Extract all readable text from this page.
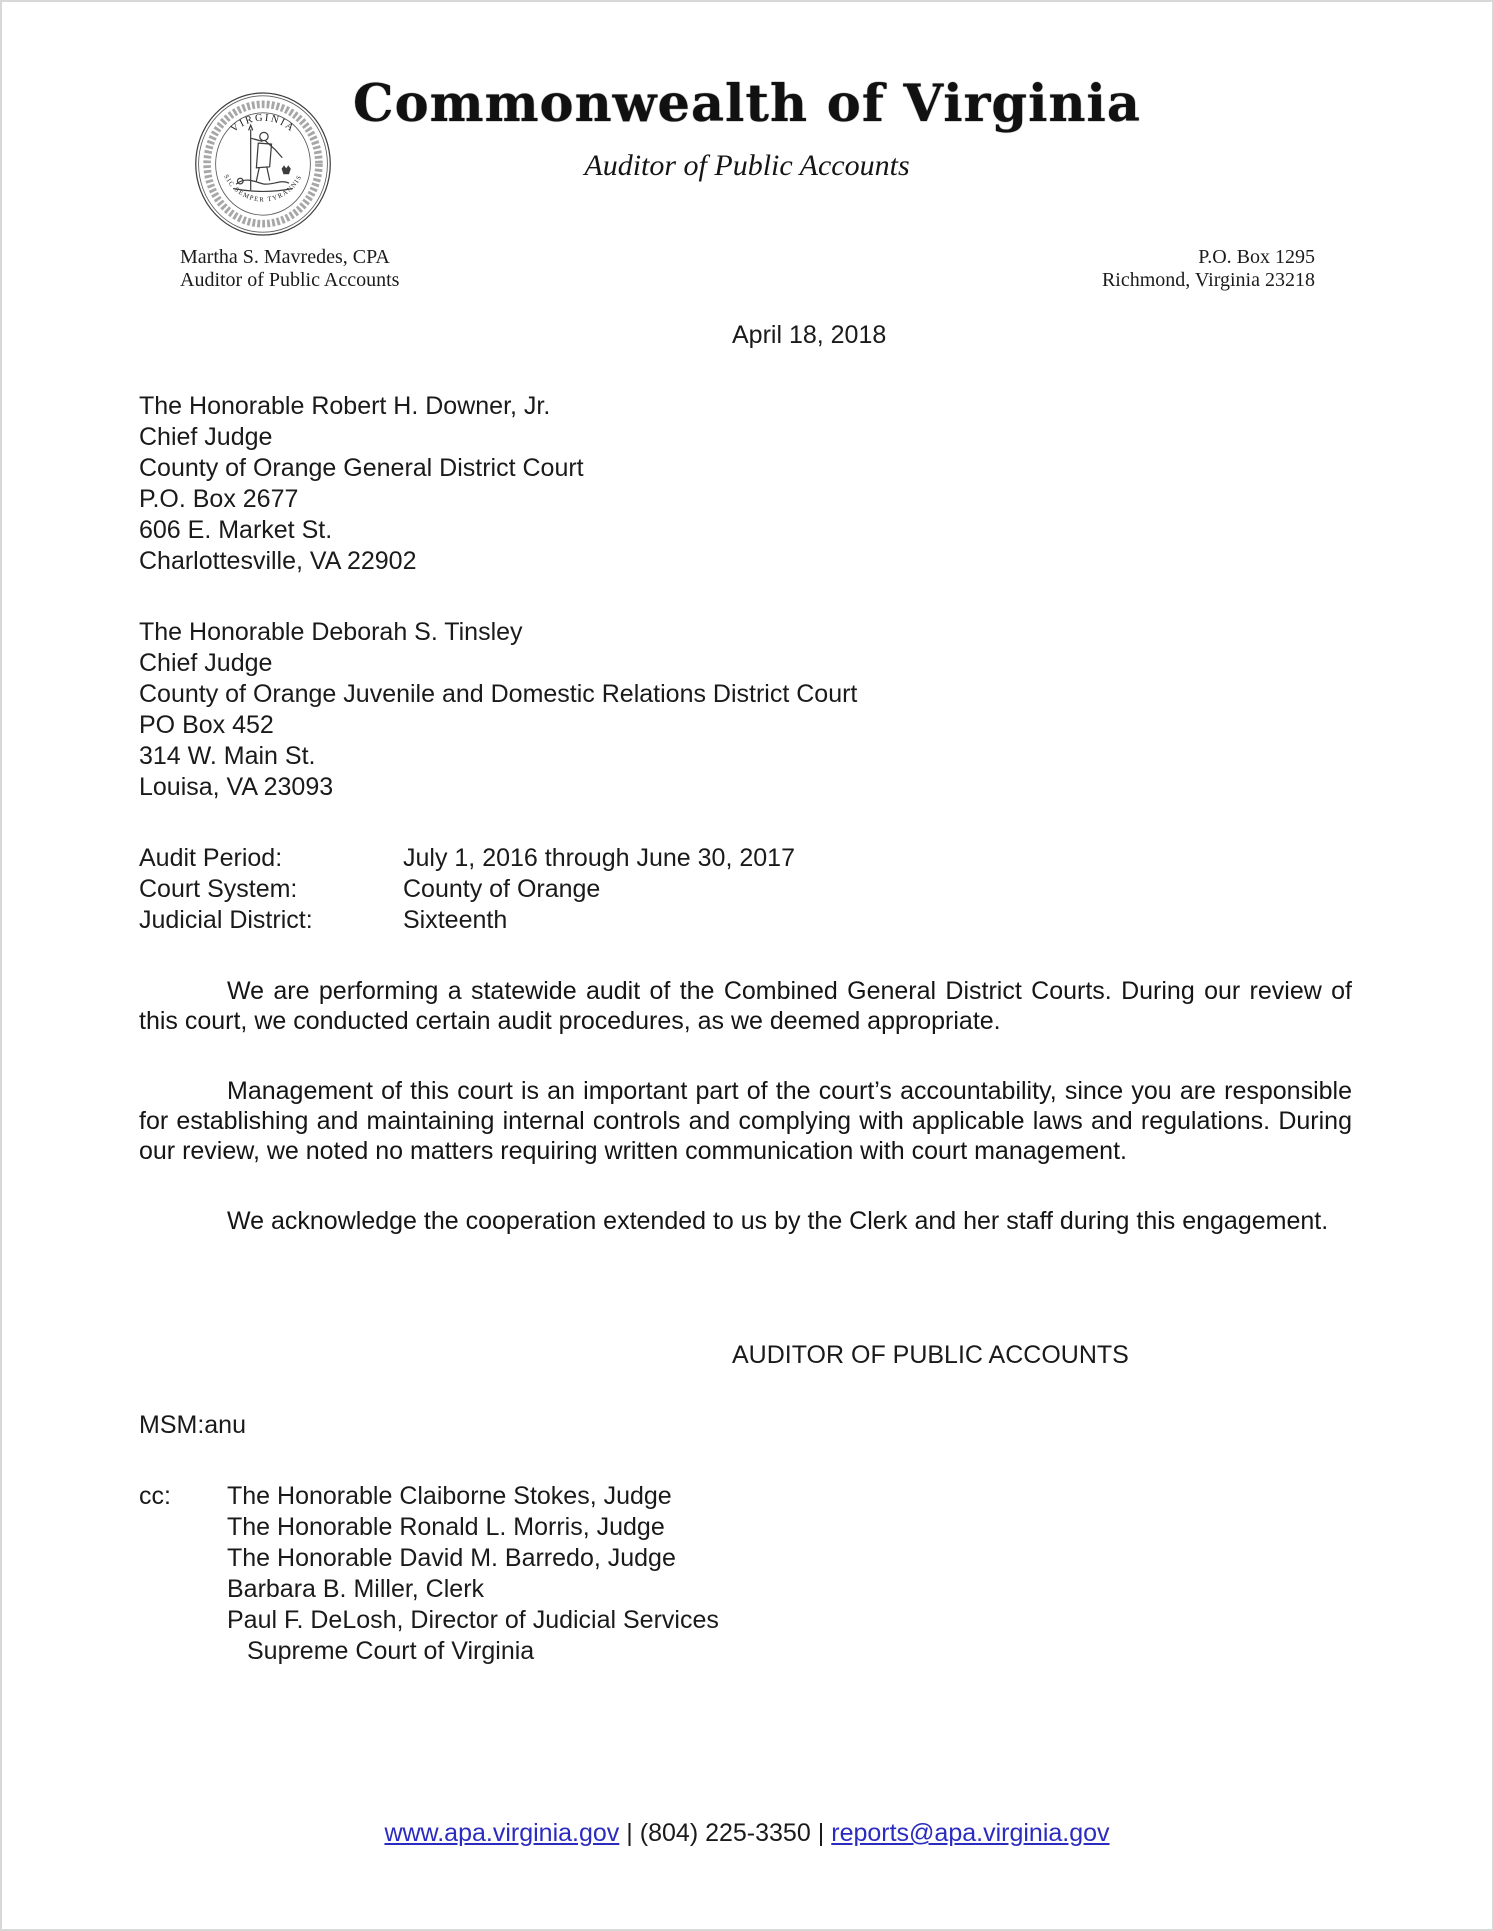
VIRGINIA
SIC SEMPER TYRANNIS
Commonwealth of Virginia
Auditor of Public Accounts
Martha S. Mavredes, CPA
Auditor of Public Accounts
P.O. Box 1295
Richmond, Virginia 23218
April 18, 2018
The Honorable Robert H. Downer, Jr.
Chief Judge
County of Orange General District Court
P.O. Box 2677
606 E. Market St.
Charlottesville, VA 22902
The Honorable Deborah S. Tinsley
Chief Judge
County of Orange Juvenile and Domestic Relations District Court
PO Box 452
314 W. Main St.
Louisa, VA 23093
Audit Period:	July 1, 2016 through June 30, 2017
Court System:	County of Orange
Judicial District:	Sixteenth

We are performing a statewide audit of the Combined General District Courts. During our review of this court, we conducted certain audit procedures, as we deemed appropriate.

Management of this court is an important part of the court’s accountability, since you are responsible for establishing and maintaining internal controls and complying with applicable laws and regulations. During our review, we noted no matters requiring written communication with court management.

We acknowledge the cooperation extended to us by the Clerk and her staff during this engagement.

AUDITOR OF PUBLIC ACCOUNTS
MSM:anu
cc:	The Honorable Claiborne Stokes, Judge
The Honorable Ronald L. Morris, Judge
The Honorable David M. Barredo, Judge
Barbara B. Miller, Clerk
Paul F. DeLosh, Director of Judicial Services
Supreme Court of Virginia
www.apa.virginia.gov | (804) 225-3350 | reports@apa.virginia.gov
